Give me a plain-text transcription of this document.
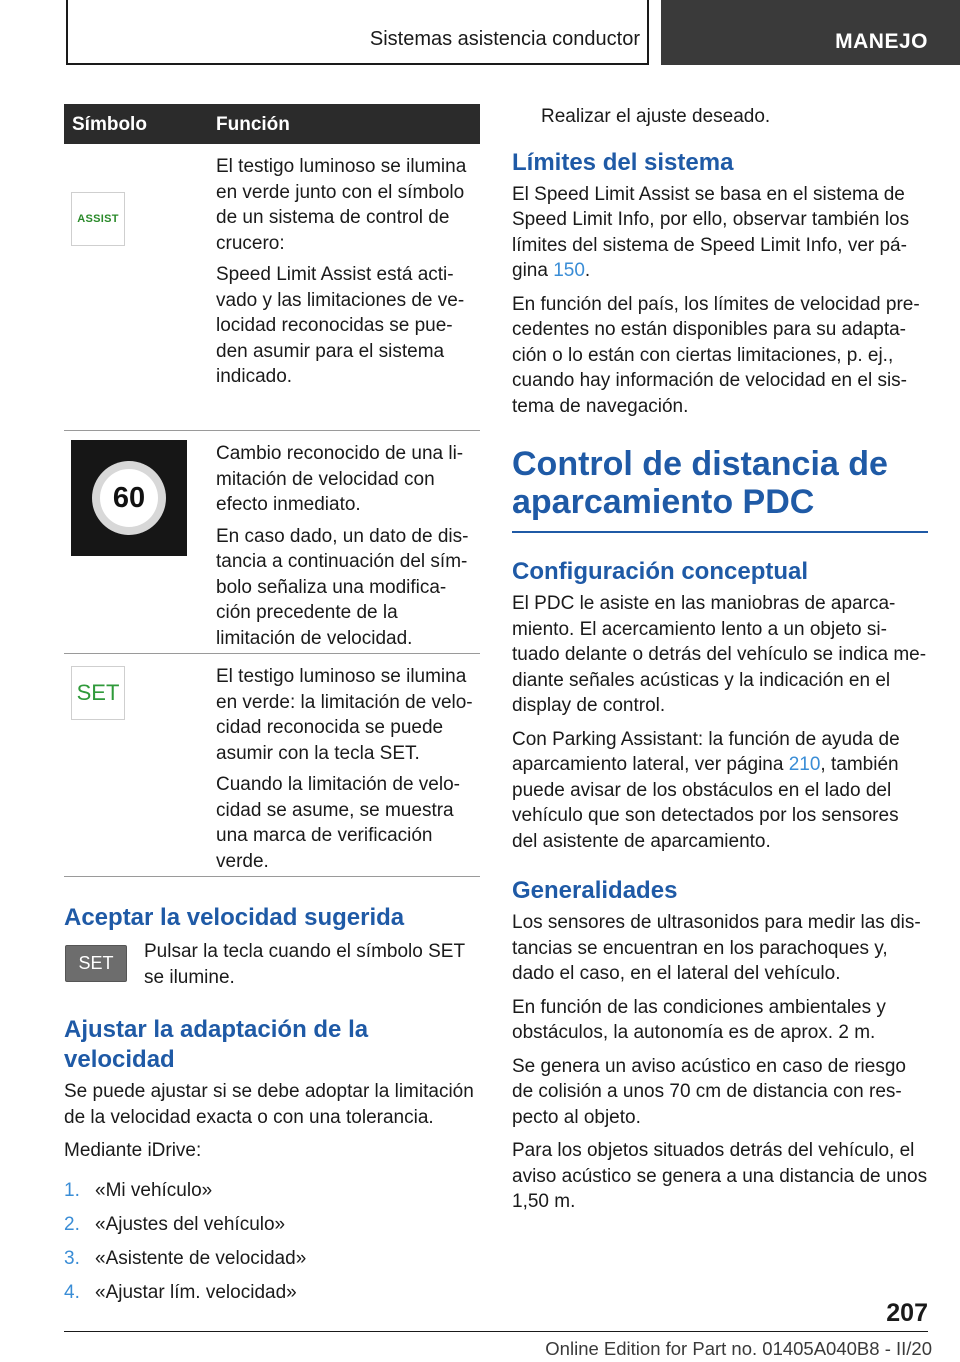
Sistemas asistencia conductor	MANEJO
Símbolo	Función
ASSIST

El testigo luminoso se ilumina en verde junto con el símbolo de un sistema de control de crucero:

Speed Limit Assist está acti-vado y las limitaciones de ve-locidad reconocidas se pue-den asumir para el sistema indicado.

60

Cambio reconocido de una li-mitación de velocidad con efecto inmediato.

En caso dado, un dato de dis-tancia a continuación del sím-bolo señaliza una modifica-ción precedente de la limitación de velocidad.

SET

El testigo luminoso se ilumina en verde: la limitación de velo-cidad reconocida se puede asumir con la tecla SET.

Cuando la limitación de velo-cidad se asume, se muestra una marca de verificación verde.

Aceptar la velocidad sugerida
SET

Pulsar la tecla cuando el símbolo SET se ilumine.

Ajustar la adaptación de la velocidad

Se puede ajustar si se debe adoptar la limitación de la velocidad exacta o con una tolerancia.

Mediante iDrive:

1. «Mi vehículo»
2. «Ajustes del vehículo»
3. «Asistente de velocidad»
4. «Ajustar lím. velocidad»

Realizar el ajuste deseado.

Límites del sistema

El Speed Limit Assist se basa en el sistema de Speed Limit Info, por ello, observar también los límites del sistema de Speed Limit Info, ver pá-gina 150.

En función del país, los límites de velocidad pre-cedentes no están disponibles para su adapta-ción o lo están con ciertas limitaciones, p. ej., cuando hay información de velocidad en el sis-tema de navegación.

Control de distancia de aparcamiento PDC
Configuración conceptual

El PDC le asiste en las maniobras de aparca-miento. El acercamiento lento a un objeto si-tuado delante o detrás del vehículo se indica me-diante señales acústicas y la indicación en el display de control.

Con Parking Assistant: la función de ayuda de aparcamiento lateral, ver página 210, también puede avisar de los obstáculos en el lado del vehículo que son detectados por los sensores del asistente de aparcamiento.

Generalidades

Los sensores de ultrasonidos para medir las dis-tancias se encuentran en los parachoques y, dado el caso, en el lateral del vehículo.

En función de las condiciones ambientales y obstáculos, la autonomía es de aprox. 2 m.

Se genera un aviso acústico en caso de riesgo de colisión a unos 70 cm de distancia con res-pecto al objeto.

Para los objetos situados detrás del vehículo, el aviso acústico se genera a una distancia de unos 1,50 m.

207
Online Edition for Part no. 01405A040B8 - II/20
